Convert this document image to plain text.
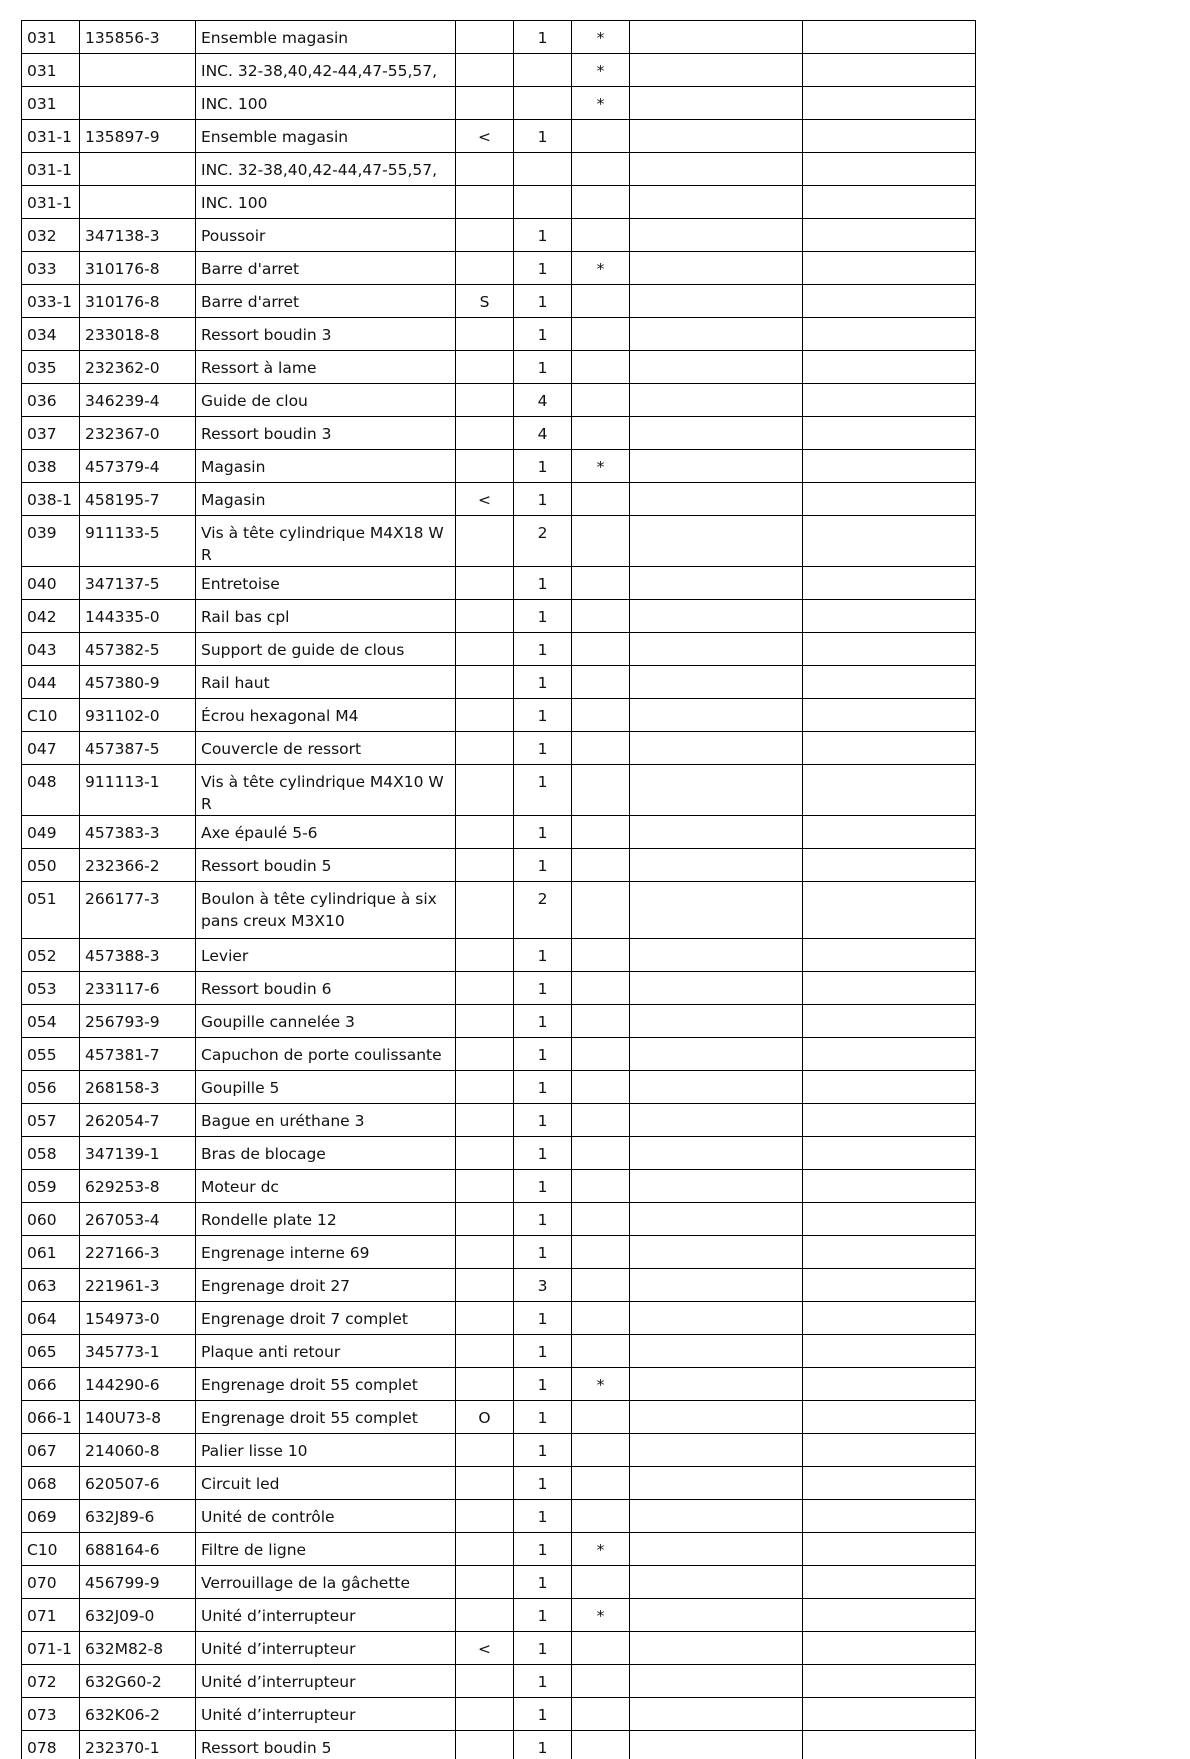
031	135856-3	Ensemble magasin		1	*		
031		INC. 32-38,40,42-44,47-55,57,			*		
031		INC. 100			*		
031-1	135897-9	Ensemble magasin	<	1			
031-1		INC. 32-38,40,42-44,47-55,57,					
031-1		INC. 100					
032	347138-3	Poussoir		1			
033	310176-8	Barre d'arret		1	*		
033-1	310176-8	Barre d'arret	S	1			
034	233018-8	Ressort boudin 3		1			
035	232362-0	Ressort à lame		1			
036	346239-4	Guide de clou		4			
037	232367-0	Ressort boudin 3		4			
038	457379-4	Magasin		1	*		
038-1	458195-7	Magasin	<	1			
039	911133-5	Vis à tête cylindrique M4X18 WR		2			
040	347137-5	Entretoise		1			
042	144335-0	Rail bas cpl		1			
043	457382-5	Support de guide de clous		1			
044	457380-9	Rail haut		1			
C10	931102-0	Écrou hexagonal M4		1			
047	457387-5	Couvercle de ressort		1			
048	911113-1	Vis à tête cylindrique M4X10 WR		1			
049	457383-3	Axe épaulé 5-6		1			
050	232366-2	Ressort boudin 5		1			
051	266177-3	Boulon à tête cylindrique à six pans creux M3X10		2			
052	457388-3	Levier		1			
053	233117-6	Ressort boudin 6		1			
054	256793-9	Goupille cannelée 3		1			
055	457381-7	Capuchon de porte coulissante		1			
056	268158-3	Goupille 5		1			
057	262054-7	Bague en uréthane 3		1			
058	347139-1	Bras de blocage		1			
059	629253-8	Moteur dc		1			
060	267053-4	Rondelle plate 12		1			
061	227166-3	Engrenage interne 69		1			
063	221961-3	Engrenage droit 27		3			
064	154973-0	Engrenage droit 7 complet		1			
065	345773-1	Plaque anti retour		1			
066	144290-6	Engrenage droit 55 complet		1	*		
066-1	140U73-8	Engrenage droit 55 complet	O	1			
067	214060-8	Palier lisse 10		1			
068	620507-6	Circuit led		1			
069	632J89-6	Unité de contrôle		1			
C10	688164-6	Filtre de ligne		1	*		
070	456799-9	Verrouillage de la gâchette		1			
071	632J09-0	Unité d’interrupteur		1	*		
071-1	632M82-8	Unité d’interrupteur	<	1			
072	632G60-2	Unité d’interrupteur		1			
073	632K06-2	Unité d’interrupteur		1			
078	232370-1	Ressort boudin 5		1			
